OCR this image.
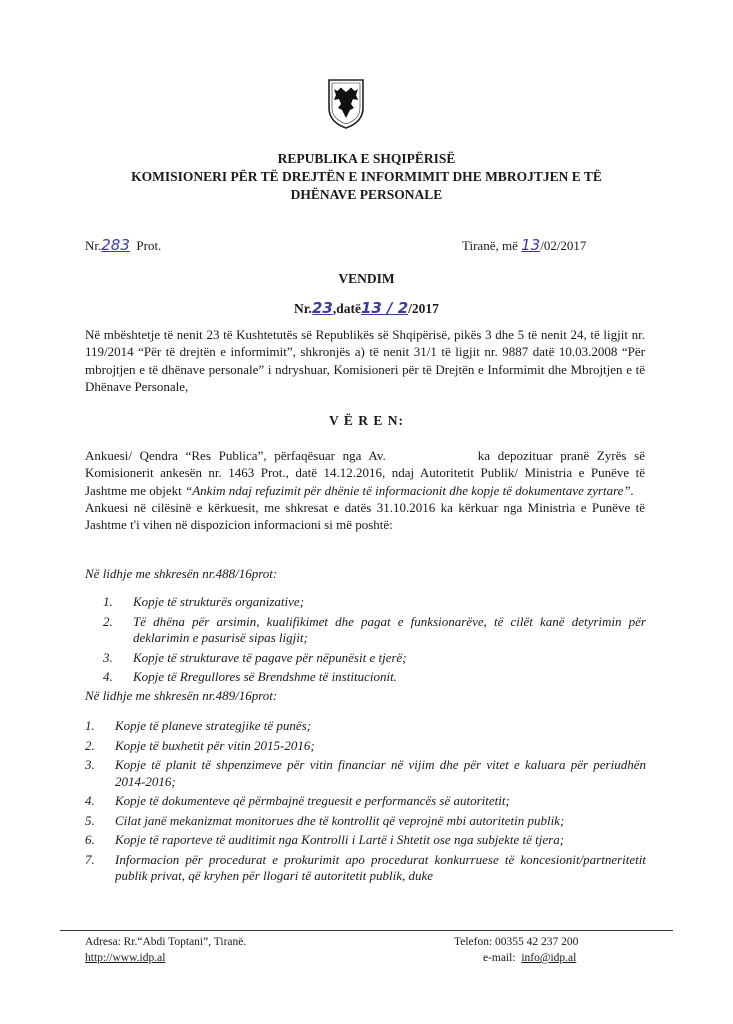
REPUBLIKA E SHQIPËRISË
KOMISIONERI PËR TË DREJTËN E INFORMIMIT DHE MBROJTJEN E TË
DHËNAVE PERSONALE
Nr.283 Prot.	Tiranë, më 13/02/2017
VENDIM
Nr.23,datë13 / 2/2017
Në mbështetje të nenit 23 të Kushtetutës së Republikës së Shqipërisë, pikës 3 dhe 5 të nenit 24, të ligjit nr. 119/2014 “Për të drejtën e informimit”, shkronjës a) të nenit 31/1 të ligjit nr. 9887 datë 10.03.2008 “Për mbrojtjen e të dhënave personale” i ndryshuar, Komisioneri për të Drejtën e Informimit dhe Mbrojtjen e të Dhënave Personale,
V Ë R E N:
Ankuesi/ Qendra “Res Publica”, përfaqësuar nga Av.	ka depozituar pranë Zyrës së Komisionerit ankesën nr. 1463 Prot., datë 14.12.2016, ndaj Autoritetit Publik/ Ministria e Punëve të Jashtme me objekt “Ankim ndaj refuzimit për dhënie të informacionit dhe kopje të dokumentave zyrtare”.
Ankuesi në cilësinë e kërkuesit, me shkresat e datës 31.10.2016 ka kërkuar nga Ministria e Punëve të Jashtme t'i vihen në dispozicion informacioni si më poshtë:
Në lidhje me shkresën nr.488/16prot:
1. Kopje të strukturës organizative;
2. Të dhëna për arsimin, kualifikimet dhe pagat e funksionarëve, të cilët kanë detyrimin për deklarimin e pasurisë sipas ligjit;
3. Kopje të strukturave të pagave për nëpunësit e tjerë;
4. Kopje të Rregullores së Brendshme të institucionit.
Në lidhje me shkresën nr.489/16prot:
1. Kopje të planeve strategjike të punës;
2. Kopje të buxhetit për vitin 2015-2016;
3. Kopje të planit të shpenzimeve për vitin financiar në vijim dhe për vitet e kaluara për periudhën 2014-2016;
4. Kopje të dokumenteve që përmbajnë treguesit e performancës së autoritetit;
5. Cilat janë mekanizmat monitorues dhe të kontrollit që veprojnë mbi autoritetin publik;
6. Kopje të raporteve të auditimit nga Kontrolli i Lartë i Shtetit ose nga subjekte të tjera;
7. Informacion për procedurat e prokurimit apo procedurat konkurruese të koncesionit/partneritetit publik privat, që kryhen për llogari të autoritetit publik, duke
Adresa: Rr.“Abdi Toptani”, Tiranë.
http://www.idp.al
Telefon: 00355 42 237 200
e-mail: info@idp.al
